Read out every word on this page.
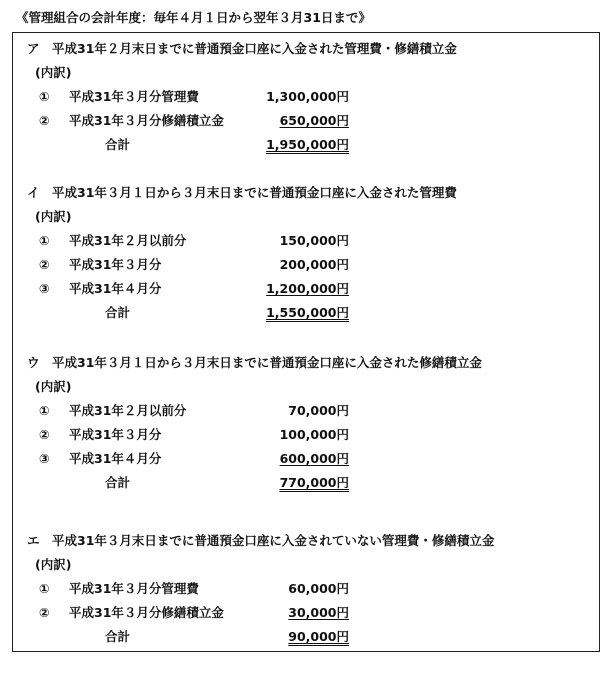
《管理組合の会計年度：毎年４月１日から翌年３月31日まで》
ア　平成31年２月末日までに普通預金口座に入金された管理費・修繕積立金
(内訳)
① 平成31年３月分管理費	1,300,000円
② 平成31年３月分修繕積立金	650,000円
合計	1,950,000円
イ　平成31年３月１日から３月末日までに普通預金口座に入金された管理費
(内訳)
① 平成31年２月以前分	150,000円
② 平成31年３月分	200,000円
③ 平成31年４月分	1,200,000円
合計	1,550,000円
ウ　平成31年３月１日から３月末日までに普通預金口座に入金された修繕積立金
(内訳)
① 平成31年２月以前分	70,000円
② 平成31年３月分	100,000円
③ 平成31年４月分	600,000円
合計	770,000円
エ　平成31年３月末日までに普通預金口座に入金されていない管理費・修繕積立金
(内訳)
① 平成31年３月分管理費	60,000円
② 平成31年３月分修繕積立金	30,000円
合計	90,000円
